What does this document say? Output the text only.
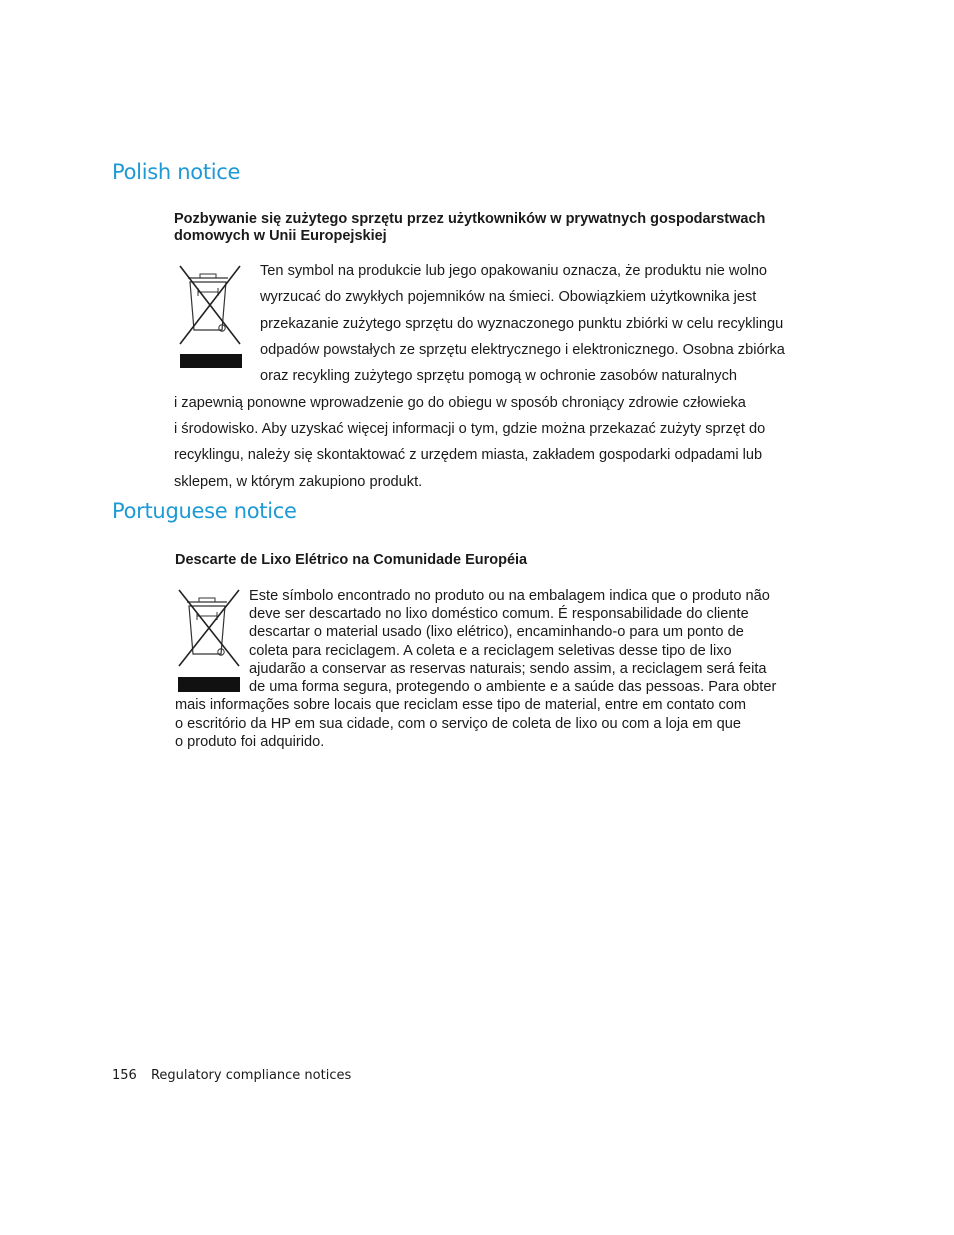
Polish notice
Pozbywanie się zużytego sprzętu przez użytkowników w prywatnych gospodarstwach
domowych w Unii Europejskiej
Ten symbol na produkcie lub jego opakowaniu oznacza, że produktu nie wolno
wyrzucać do zwykłych pojemników na śmieci. Obowiązkiem użytkownika jest
przekazanie zużytego sprzętu do wyznaczonego punktu zbiórki w celu recyklingu
odpadów powstałych ze sprzętu elektrycznego i elektronicznego. Osobna zbiórka
oraz recykling zużytego sprzętu pomogą w ochronie zasobów naturalnych
i zapewnią ponowne wprowadzenie go do obiegu w sposób chroniący zdrowie człowieka
i środowisko. Aby uzyskać więcej informacji o tym, gdzie można przekazać zużyty sprzęt do
recyklingu, należy się skontaktować z urzędem miasta, zakładem gospodarki odpadami lub
sklepem, w którym zakupiono produkt.
Portuguese notice
Descarte de Lixo Elétrico na Comunidade Européia
Este símbolo encontrado no produto ou na embalagem indica que o produto não
deve ser descartado no lixo doméstico comum. É responsabilidade do cliente
descartar o material usado (lixo elétrico), encaminhando-o para um ponto de
coleta para reciclagem. A coleta e a reciclagem seletivas desse tipo de lixo
ajudarão a conservar as reservas naturais; sendo assim, a reciclagem será feita
de uma forma segura, protegendo o ambiente e a saúde das pessoas. Para obter
mais informações sobre locais que reciclam esse tipo de material, entre em contato com
o escritório da HP em sua cidade, com o serviço de coleta de lixo ou com a loja em que
o produto foi adquirido.
156 Regulatory compliance notices
